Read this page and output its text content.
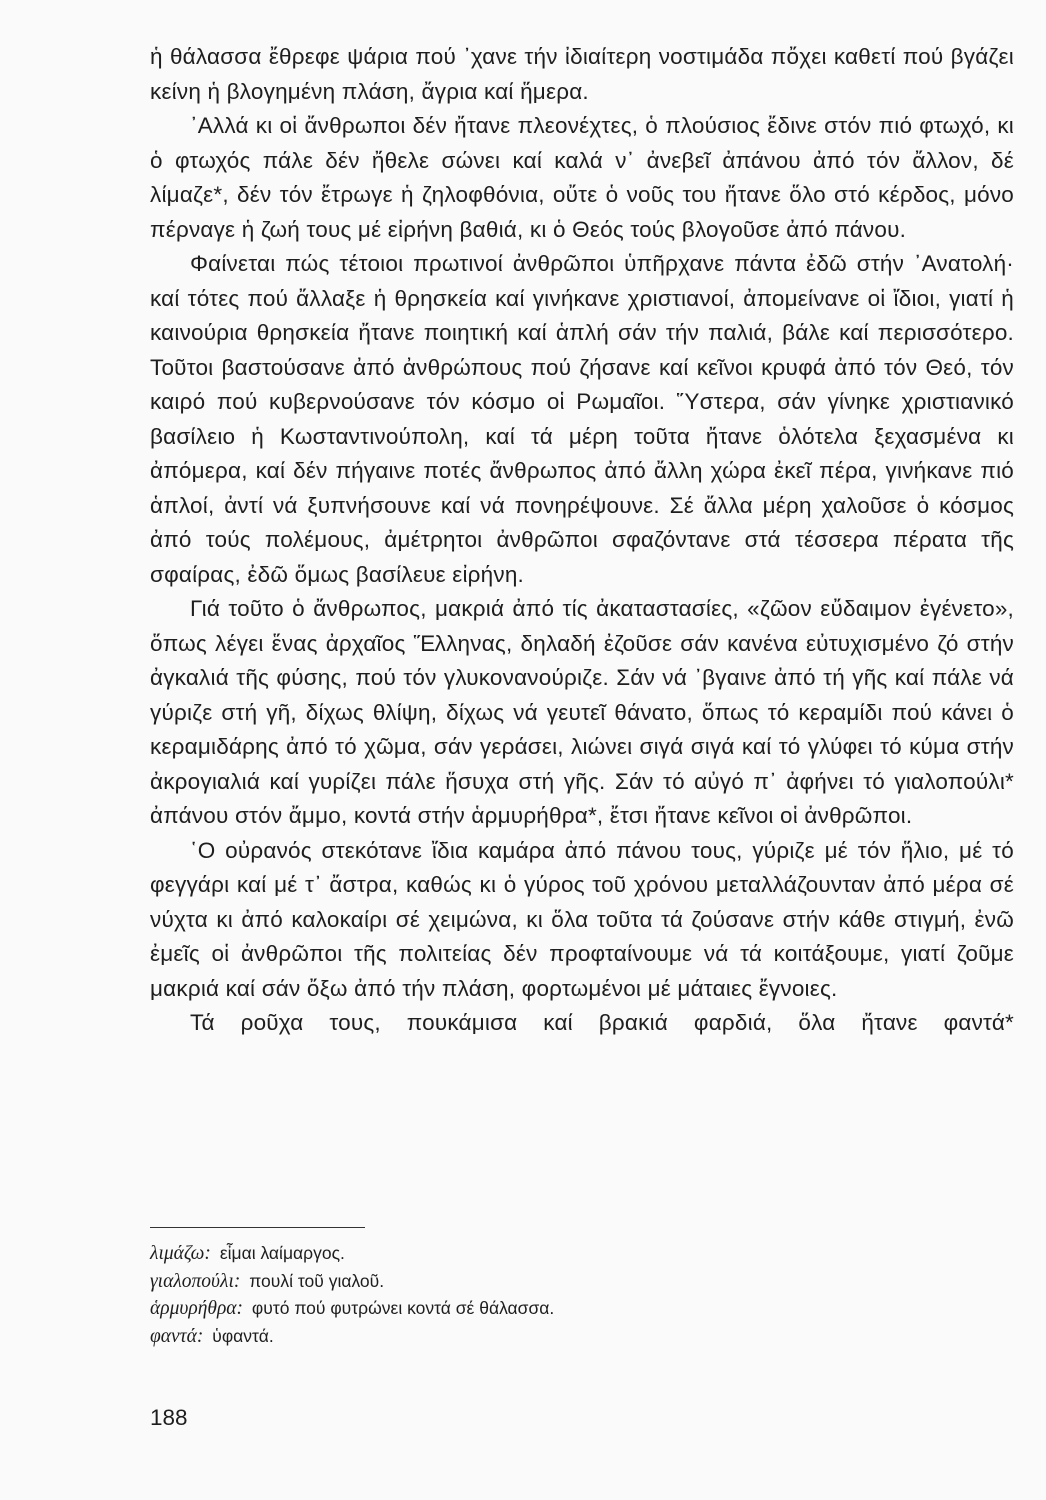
ἡ θάλασσα ἔθρεφε ψάρια πού ᾽χανε τήν ἰδιαίτερη νοστιμάδα πὄχει καθετί πού βγάζει κείνη ἡ βλογημένη πλάση, ἄγρια καί ἥμερα.

᾽Αλλά κι οἱ ἄνθρωποι δέν ἤτανε πλεονέχτες, ὁ πλούσιος ἔδινε στόν πιό φτωχό, κι ὁ φτωχός πάλε δέν ἤθελε σώνει καί καλά ν᾽ ἀνεβεῖ ἀπάνου ἀπό τόν ἄλλον, δέ λίμαζε*, δέν τόν ἔτρωγε ἡ ζηλοφθόνια, οὔτε ὁ νοῦς του ἤτανε ὅλο στό κέρδος, μόνο πέρναγε ἡ ζωή τους μέ εἰρήνη βαθιά, κι ὁ Θεός τούς βλογοῦσε ἀπό πάνου.

Φαίνεται πώς τέτοιοι πρωτινοί ἀνθρῶποι ὑπῆρχανε πάντα ἐδῶ στήν ᾽Ανατολή· καί τότες πού ἄλλαξε ἡ θρησκεία καί γινήκανε χριστιανοί, ἀπομείνανε οἱ ἴδιοι, γιατί ἡ καινούρια θρησκεία ἤτανε ποιητική καί ἁπλή σάν τήν παλιά, βάλε καί περισσότερο. Τοῦτοι βαστούσανε ἀπό ἀνθρώπους πού ζήσανε καί κεῖνοι κρυφά ἀπό τόν Θεό, τόν καιρό πού κυβερνούσανε τόν κόσμο οἱ Ρωμαῖοι. Ὕστερα, σάν γίνηκε χριστιανικό βασίλειο ἡ Κωσταντινούπολη, καί τά μέρη τοῦτα ἤτανε ὁλότελα ξεχασμένα κι ἀπόμερα, καί δέν πήγαινε ποτές ἄνθρωπος ἀπό ἄλλη χώρα ἐκεῖ πέρα, γινήκανε πιό ἁπλοί, ἀντί νά ξυπνήσουνε καί νά πονηρέψουνε. Σέ ἄλλα μέρη χαλοῦσε ὁ κόσμος ἀπό τούς πολέμους, ἀμέτρητοι ἀνθρῶποι σφαζόντανε στά τέσσερα πέρατα τῆς σφαίρας, ἐδῶ ὅμως βασίλευε εἰρήνη.

Γιά τοῦτο ὁ ἄνθρωπος, μακριά ἀπό τίς ἀκαταστασίες, «ζῶον εὔδαιμον ἐγένετο», ὅπως λέγει ἕνας ἀρχαῖος Ἕλληνας, δηλαδή ἐζοῦσε σάν κανένα εὐτυχισμένο ζό στήν ἀγκαλιά τῆς φύσης, πού τόν γλυκονανούριζε. Σάν νά ᾽βγαινε ἀπό τή γῆς καί πάλε νά γύριζε στή γῆ, δίχως θλίψη, δίχως νά γευτεῖ θάνατο, ὅπως τό κεραμίδι πού κάνει ὁ κεραμιδάρης ἀπό τό χῶμα, σάν γεράσει, λιώνει σιγά σιγά καί τό γλύφει τό κύμα στήν ἀκρογιαλιά καί γυρίζει πάλε ἥσυχα στή γῆς. Σάν τό αὐγό π᾽ ἀφήνει τό γιαλοπούλι* ἀπάνου στόν ἄμμο, κοντά στήν ἁρμυρήθρα*, ἔτσι ἤτανε κεῖνοι οἱ ἀνθρῶποι.

῾Ο οὐρανός στεκότανε ἴδια καμάρα ἀπό πάνου τους, γύριζε μέ τόν ἥλιο, μέ τό φεγγάρι καί μέ τ᾽ ἄστρα, καθώς κι ὁ γύρος τοῦ χρόνου μεταλλάζουνταν ἀπό μέρα σέ νύχτα κι ἀπό καλοκαίρι σέ χειμώνα, κι ὅλα τοῦτα τά ζούσανε στήν κάθε στιγμή, ἐνῶ ἐμεῖς οἱ ἀνθρῶποι τῆς πολιτείας δέν προφταίνουμε νά τά κοιτάξουμε, γιατί ζοῦμε μακριά καί σάν ὄξω ἀπό τήν πλάση, φορτωμένοι μέ μάταιες ἔγνοιες.

Τά ροῦχα τους, πουκάμισα καί βρακιά φαρδιά, ὅλα ἤτανε φαντά*

λιμάζω: εἶμαι λαίμαργος.
γιαλοπούλι: πουλί τοῦ γιαλοῦ.
ἁρμυρήθρα: φυτό πού φυτρώνει κοντά σέ θάλασσα.
φαντά: ὑφαντά.
188
